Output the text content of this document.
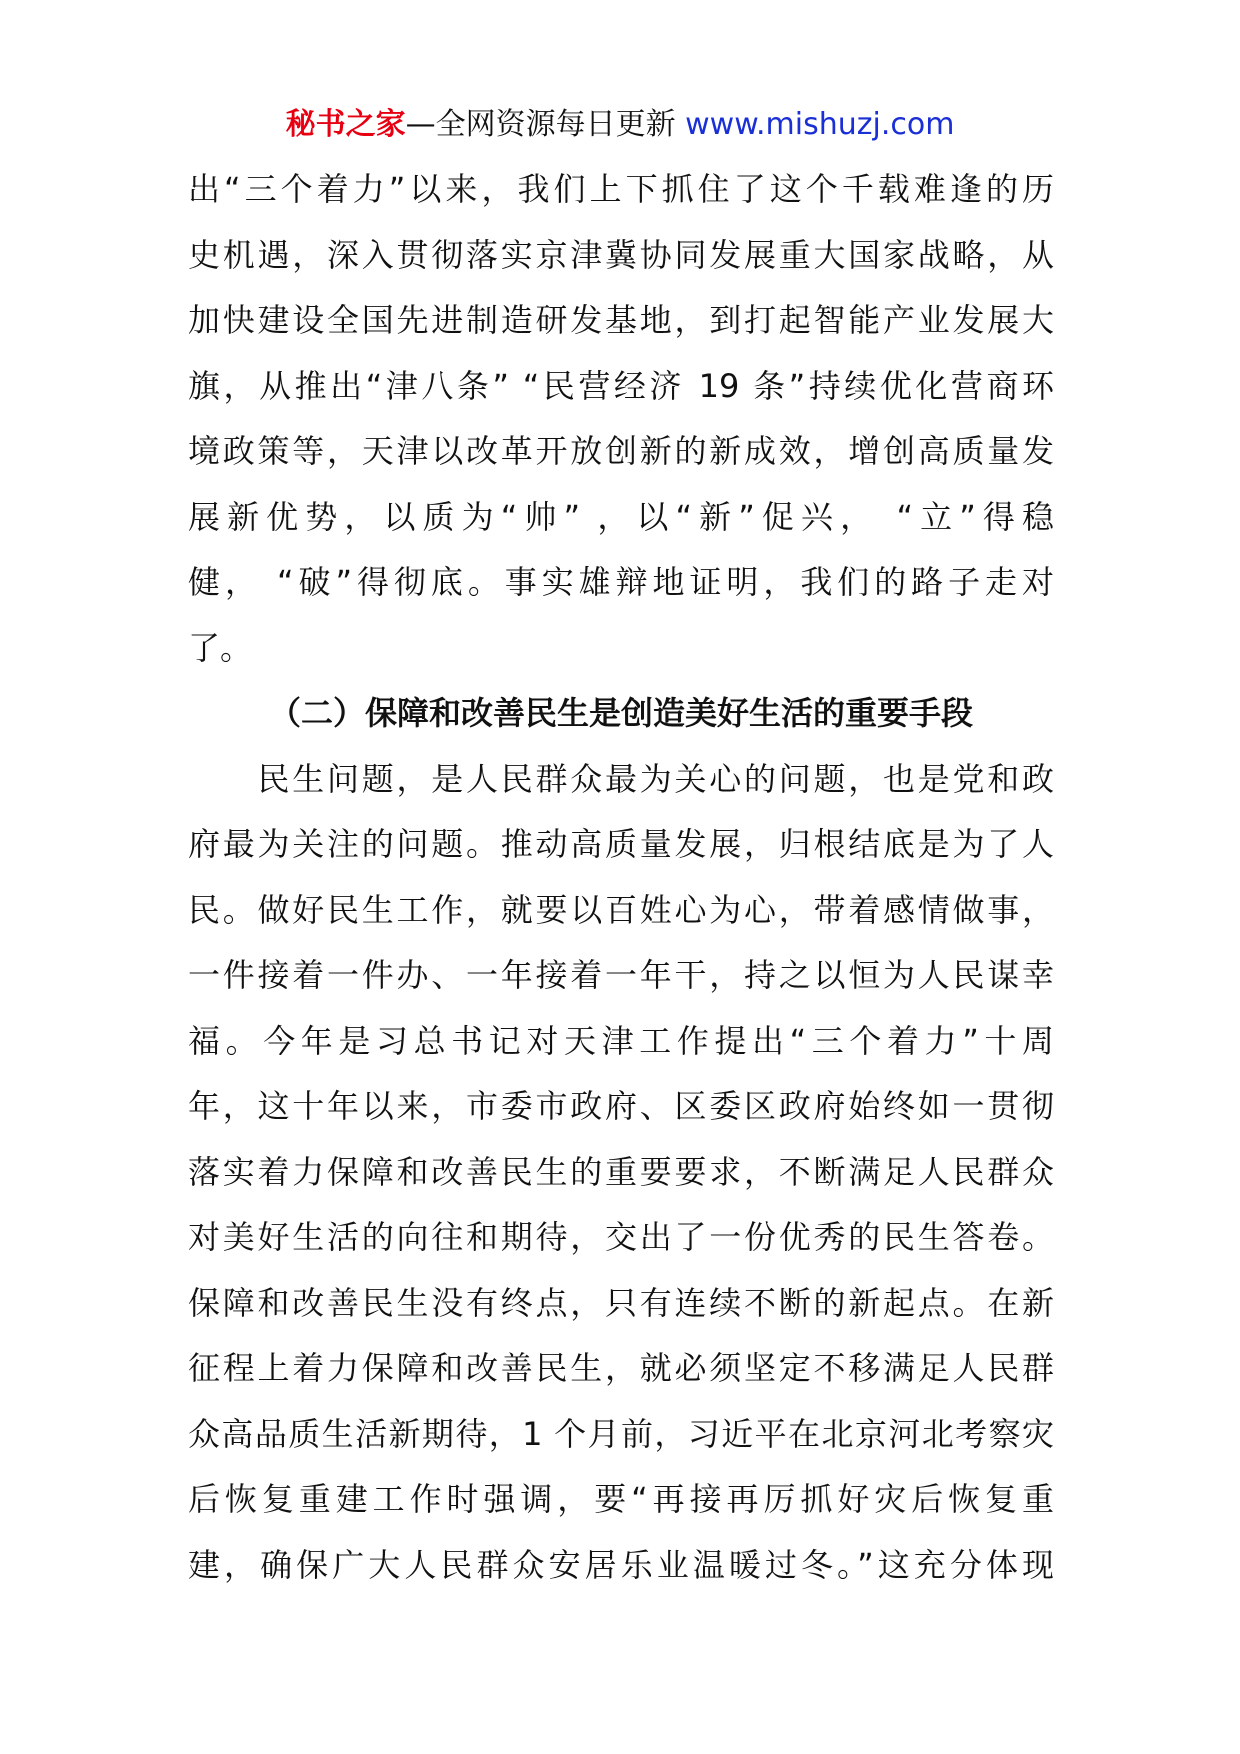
秘书之家—全网资源每日更新 www.mishuzj.com
出“三个着力”以来，我们上下抓住了这个千载难逢的历
史机遇，深入贯彻落实京津冀协同发展重大国家战略，从
加快建设全国先进制造研发基地，到打起智能产业发展大
旗，从推出“津八条” “民营经济 19 条”持续优化营商环
境政策等，天津以改革开放创新的新成效，增创高质量发
展新优势，以质为“帅” ，以“新”促兴， “立”得稳
健， “破”得彻底。事实雄辩地证明，我们的路子走对
了。
（二）保障和改善民生是创造美好生活的重要手段
　　民生问题，是人民群众最为关心的问题，也是党和政
府最为关注的问题。推动高质量发展，归根结底是为了人
民。做好民生工作，就要以百姓心为心，带着感情做事，
一件接着一件办、一年接着一年干，持之以恒为人民谋幸
福。今年是习总书记对天津工作提出“三个着力”十周
年，这十年以来，市委市政府、区委区政府始终如一贯彻
落实着力保障和改善民生的重要要求，不断满足人民群众
对美好生活的向往和期待，交出了一份优秀的民生答卷。
保障和改善民生没有终点，只有连续不断的新起点。在新
征程上着力保障和改善民生，就必须坚定不移满足人民群
众高品质生活新期待，1 个月前，习近平在北京河北考察灾
后恢复重建工作时强调，要“再接再厉抓好灾后恢复重
建，确保广大人民群众安居乐业温暖过冬。”这充分体现
